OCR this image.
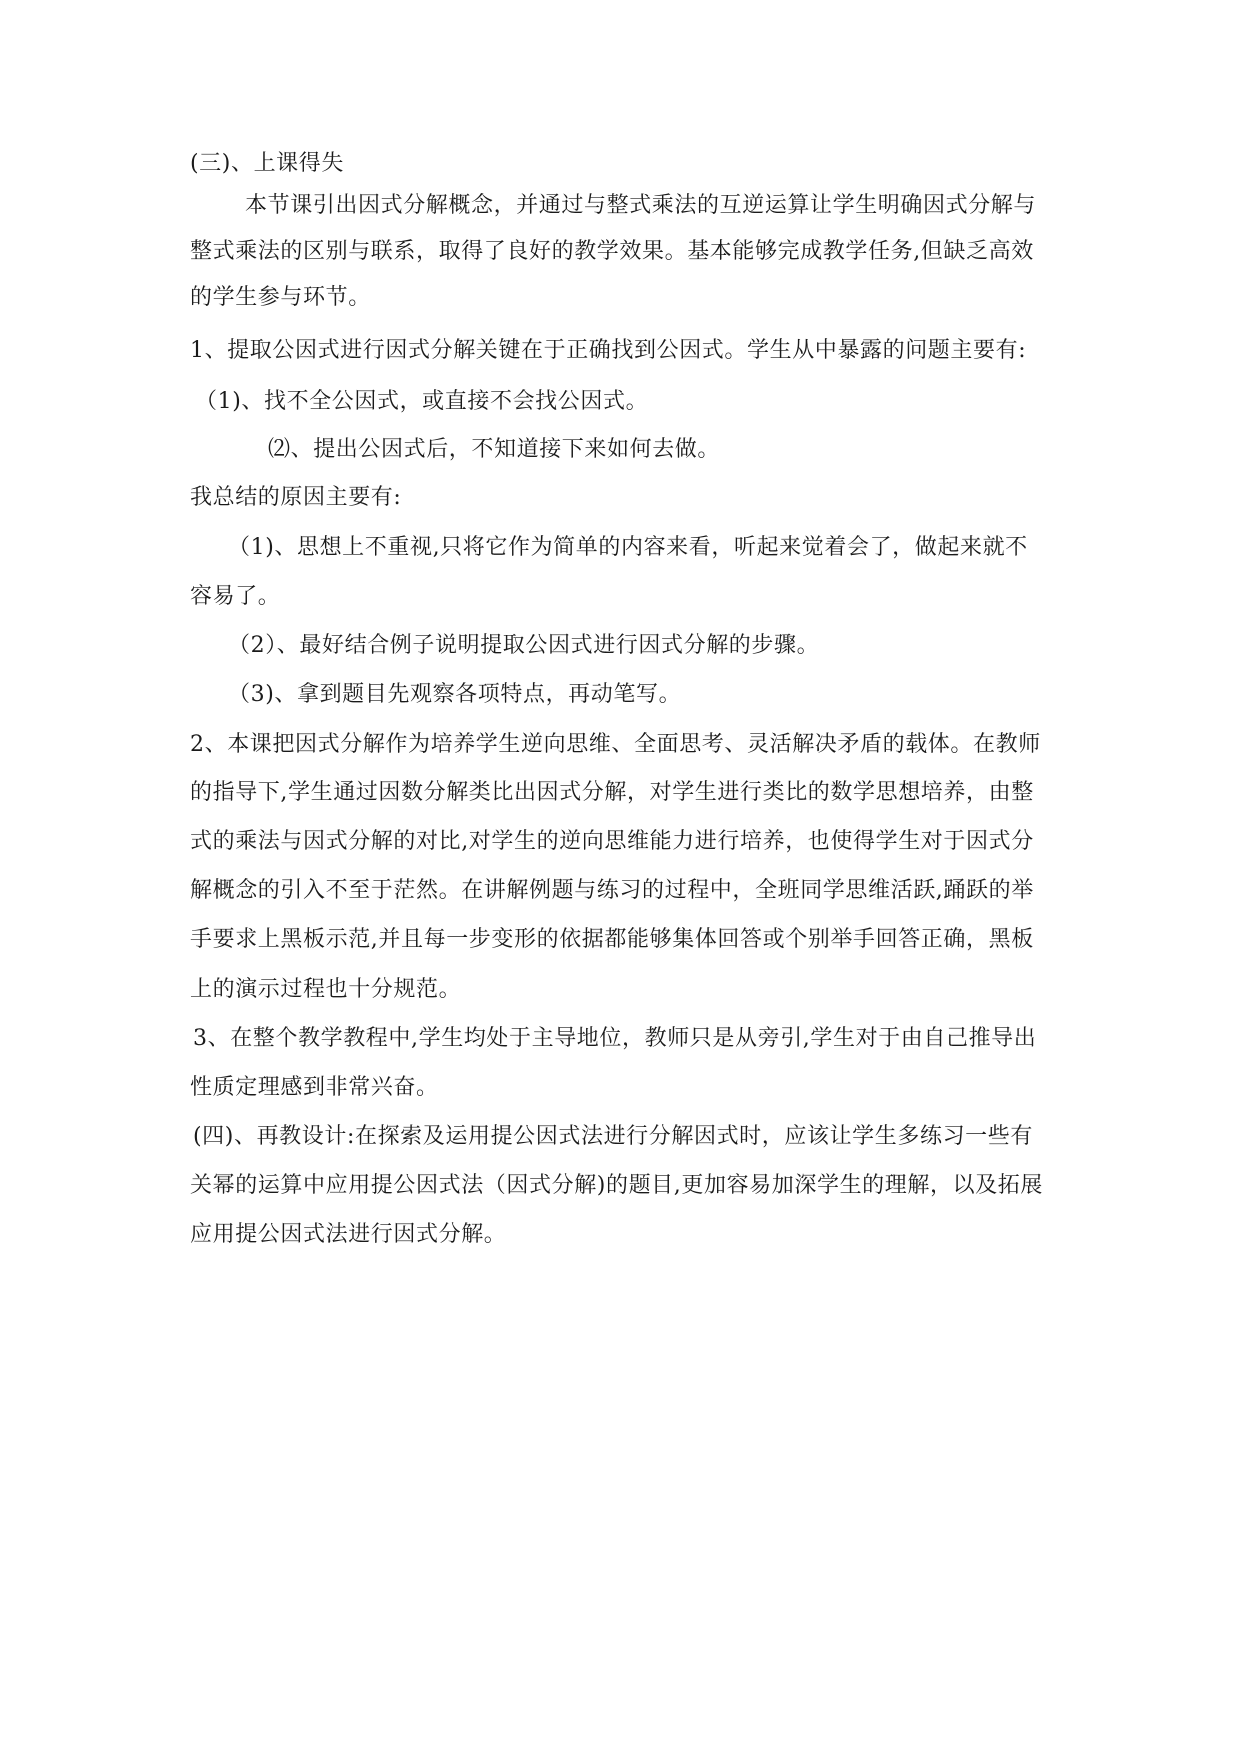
(三)、上课得失
本节课引出因式分解概念，并通过与整式乘法的互逆运算让学生明确因式分解与
整式乘法的区别与联系，取得了良好的教学效果。基本能够完成教学任务,但缺乏高效
的学生参与环节。
1、提取公因式进行因式分解关键在于正确找到公因式。学生从中暴露的问题主要有:
（1)、找不全公因式，或直接不会找公因式。
⑵、提出公因式后，不知道接下来如何去做。
我总结的原因主要有:
（1)、思想上不重视,只将它作为简单的内容来看，听起来觉着会了，做起来就不
容易了。
（2）、最好结合例子说明提取公因式进行因式分解的步骤。
（3)、拿到题目先观察各项特点，再动笔写。
2、本课把因式分解作为培养学生逆向思维、全面思考、灵活解决矛盾的载体。在教师
的指导下,学生通过因数分解类比出因式分解，对学生进行类比的数学思想培养，由整
式的乘法与因式分解的对比,对学生的逆向思维能力进行培养，也使得学生对于因式分
解概念的引入不至于茫然。在讲解例题与练习的过程中，全班同学思维活跃,踊跃的举
手要求上黑板示范,并且每一步变形的依据都能够集体回答或个别举手回答正确，黑板
上的演示过程也十分规范。
3、在整个教学教程中,学生均处于主导地位，教师只是从旁引,学生对于由自己推导出
性质定理感到非常兴奋。
(四)、再教设计:在探索及运用提公因式法进行分解因式时，应该让学生多练习一些有
关幂的运算中应用提公因式法（因式分解)的题目,更加容易加深学生的理解，以及拓展
应用提公因式法进行因式分解。
